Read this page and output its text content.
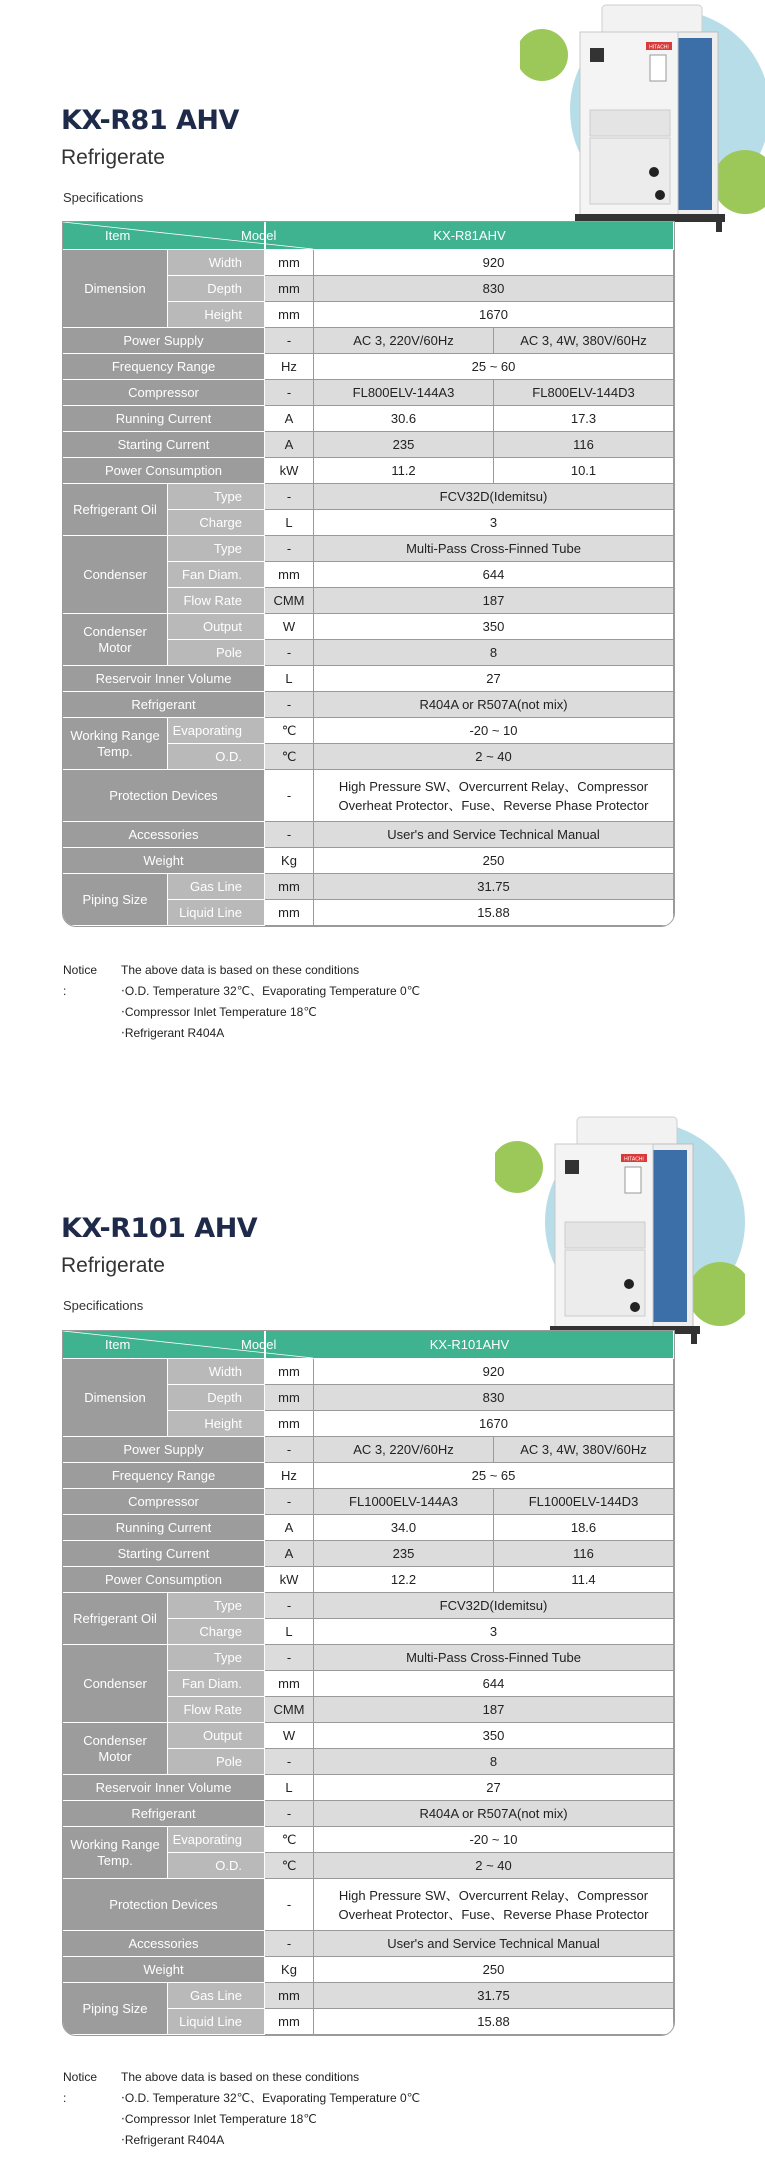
HITACHI
KX-R81 AHV
Refrigerate
Specifications
Item Model		KX-R81AHV		
Dimension	Width	mm	920	
	Depth	mm	830	
	Height	mm	1670	
Power Supply		-	AC 3, 220V/60Hz	AC 3, 4W, 380V/60Hz
Frequency Range		Hz	25 ~ 60	
Compressor		-	FL800ELV-144A3	FL800ELV-144D3
Running Current		A	30.6	17.3
Starting Current		A	235	116
Power Consumption		kW	11.2	10.1
Refrigerant Oil	Type	-	FCV32D(Idemitsu)	
	Charge	L	3	
Condenser	Type	-	Multi-Pass Cross-Finned Tube	
	Fan Diam.	mm	644	
	Flow Rate	CMM	187	
Condenser Motor	Output	W	350	
	Pole	-	8	
Reservoir Inner Volume		L	27	
Refrigerant		-	R404A or R507A(not mix)	
Working Range Temp.	Evaporating	℃	-20 ~ 10	
	O.D.	℃	2 ~ 40	
Protection Devices		-	High Pressure SW、Overcurrent Relay、Compressor
Overheat Protector、Fuse、Reverse Phase Protector	

Accessories		-	User's and Service Technical Manual	
Weight		Kg	250	
Piping Size	Gas Line	mm	31.75	
	Liquid Line	mm	15.88	
Notice :
The above data is based on these conditions
‧O.D. Temperature 32℃、Evaporating Temperature 0℃
‧Compressor Inlet Temperature 18℃
‧Refrigerant R404A
HITACHI
KX-R101 AHV
Refrigerate
Specifications
Item Model		KX-R101AHV		
Dimension	Width	mm	920	
	Depth	mm	830	
	Height	mm	1670	
Power Supply		-	AC 3, 220V/60Hz	AC 3, 4W, 380V/60Hz
Frequency Range		Hz	25 ~ 65	
Compressor		-	FL1000ELV-144A3	FL1000ELV-144D3
Running Current		A	34.0	18.6
Starting Current		A	235	116
Power Consumption		kW	12.2	11.4
Refrigerant Oil	Type	-	FCV32D(Idemitsu)	
	Charge	L	3	
Condenser	Type	-	Multi-Pass Cross-Finned Tube	
	Fan Diam.	mm	644	
	Flow Rate	CMM	187	
Condenser Motor	Output	W	350	
	Pole	-	8	
Reservoir Inner Volume		L	27	
Refrigerant		-	R404A or R507A(not mix)	
Working Range Temp.	Evaporating	℃	-20 ~ 10	
	O.D.	℃	2 ~ 40	
Protection Devices		-	High Pressure SW、Overcurrent Relay、Compressor
Overheat Protector、Fuse、Reverse Phase Protector	

Accessories		-	User's and Service Technical Manual	
Weight		Kg	250	
Piping Size	Gas Line	mm	31.75	
	Liquid Line	mm	15.88	
Notice :
The above data is based on these conditions
‧O.D. Temperature 32℃、Evaporating Temperature 0℃
‧Compressor Inlet Temperature 18℃
‧Refrigerant R404A
